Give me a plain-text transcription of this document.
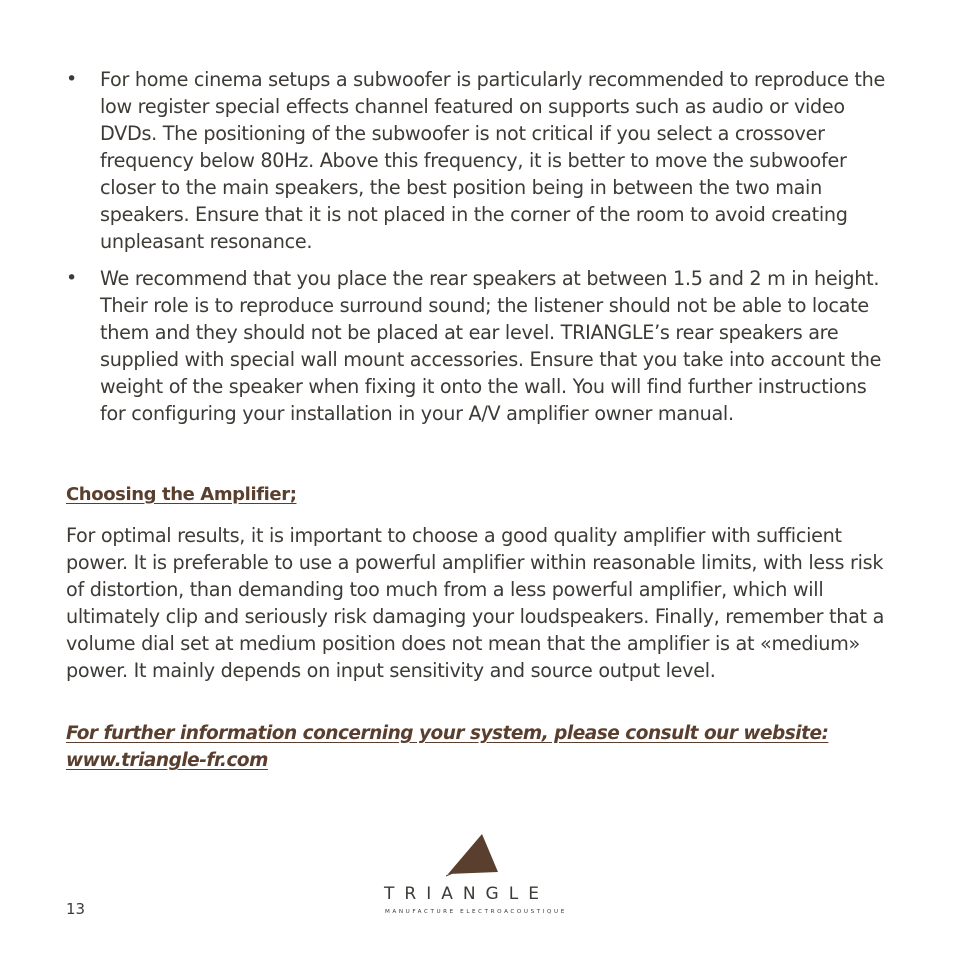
• For home cinema setups a subwoofer is particularly recommended to reproduce the low register special effects channel featured on supports such as audio or video DVDs. The positioning of the subwoofer is not critical if you select a crossover frequency below 80Hz. Above this frequency, it is better to move the subwoofer closer to the main speakers, the best position being in between the two main speakers. Ensure that it is not placed in the corner of the room to avoid creating unpleasant resonance.
• We recommend that you place the rear speakers at between 1.5 and 2 m in height. Their role is to reproduce surround sound; the listener should not be able to locate them and they should not be placed at ear level. TRIANGLE’s rear speakers are supplied with special wall mount accessories. Ensure that you take into account the weight of the speaker when fixing it onto the wall. You will find further instructions for configuring your installation in your A/V amplifier owner manual.
Choosing the Amplifier;

For optimal results, it is important to choose a good quality amplifier with sufficient power. It is preferable to use a powerful amplifier within reasonable limits, with less risk of distortion, than demanding too much from a less powerful amplifier, which will ultimately clip and seriously risk damaging your loudspeakers. Finally, remember that a volume dial set at medium position does not mean that the amplifier is at «medium» power. It mainly depends on input sensitivity and source output level.

For further information concerning your system, please consult our website:
www.triangle-fr.com

TRIANGLE
MANUFACTURE ELECTROACOUSTIQUE
13
